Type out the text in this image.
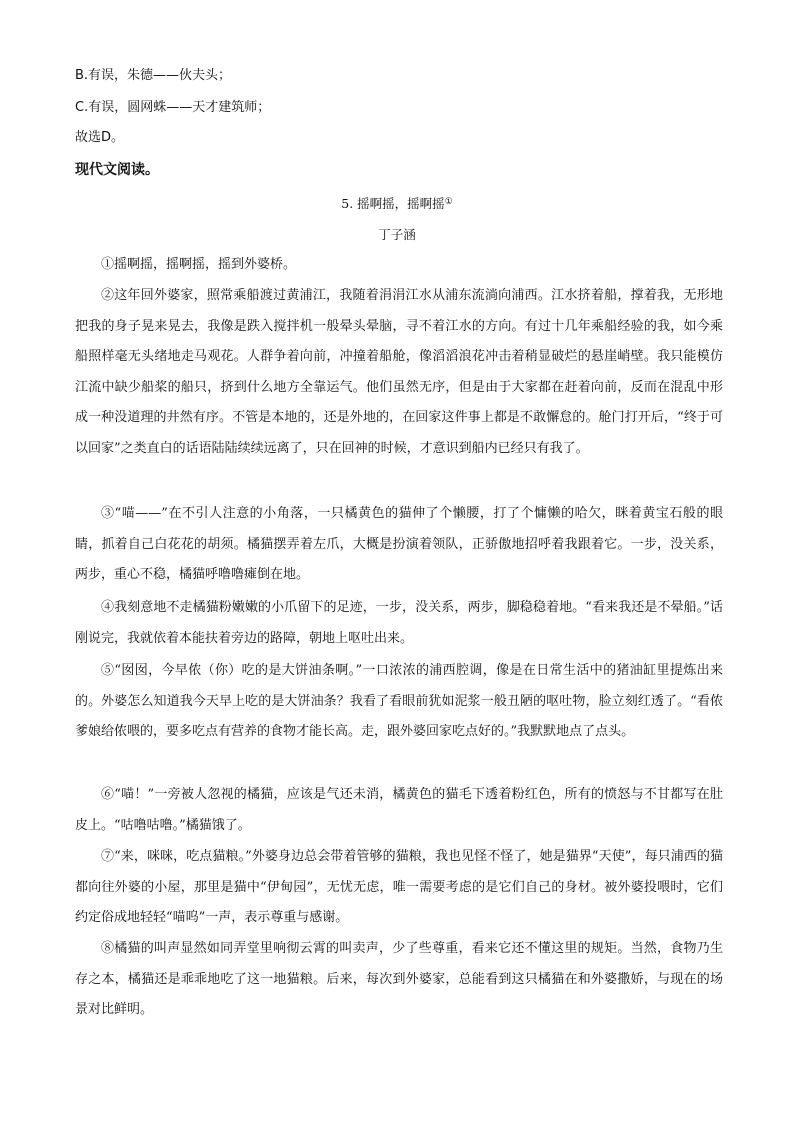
B.有误，朱德——伙夫头；
C.有误，圆网蛛——天才建筑师；
故选D。
现代文阅读。
5. 摇啊摇，摇啊摇①
丁子涵

①摇啊摇，摇啊摇，摇到外婆桥。

②这年回外婆家，照常乘船渡过黄浦江，我随着涓涓江水从浦东流淌向浦西。江水挤着船，撑着我，无形地把我的身子晃来晃去，我像是跌入搅拌机一般晕头晕脑，寻不着江水的方向。有过十几年乘船经验的我，如今乘船照样毫无头绪地走马观花。人群争着向前，冲撞着船舱，像滔滔浪花冲击着稍显破烂的悬崖峭壁。我只能模仿江流中缺少船桨的船只，挤到什么地方全靠运气。他们虽然无序，但是由于大家都在赶着向前，反而在混乱中形成一种没道理的井然有序。不管是本地的，还是外地的，在回家这件事上都是不敢懈怠的。舱门打开后，“终于可以回家”之类直白的话语陆陆续续远离了，只在回神的时候，才意识到船内已经只有我了。

③“喵——”在不引人注意的小角落，一只橘黄色的猫伸了个懒腰，打了个慵懒的哈欠，眯着黄宝石般的眼睛，抓着自己白花花的胡须。橘猫摆弄着左爪，大概是扮演着领队，正骄傲地招呼着我跟着它。一步，没关系，两步，重心不稳，橘猫呼噜噜瘫倒在地。

④我刻意地不走橘猫粉嫩嫩的小爪留下的足迹，一步，没关系，两步，脚稳稳着地。“看来我还是不晕船。”话刚说完，我就依着本能扶着旁边的路障，朝地上呕吐出来。

⑤“囡囡，今早侬（你）吃的是大饼油条啊。”一口浓浓的浦西腔调，像是在日常生活中的猪油缸里提炼出来的。外婆怎么知道我今天早上吃的是大饼油条？我看了看眼前犹如泥浆一般丑陋的呕吐物，脸立刻红透了。“看侬爹娘给侬喂的，要多吃点有营养的食物才能长高。走，跟外婆回家吃点好的。”我默默地点了点头。

⑥“喵！”一旁被人忽视的橘猫，应该是气还未消，橘黄色的猫毛下透着粉红色，所有的愤怒与不甘都写在肚皮上。“咕噜咕噜。”橘猫饿了。

⑦“来，咪咪，吃点猫粮。”外婆身边总会带着管够的猫粮，我也见怪不怪了，她是猫界“天使”，每只浦西的猫都向往外婆的小屋，那里是猫中“伊甸园”，无忧无虑，唯一需要考虑的是它们自己的身材。被外婆投喂时，它们约定俗成地轻轻“喵呜”一声，表示尊重与感谢。

⑧橘猫的叫声显然如同弄堂里响彻云霄的叫卖声，少了些尊重，看来它还不懂这里的规矩。当然，食物乃生存之本，橘猫还是乖乖地吃了这一地猫粮。后来，每次到外婆家，总能看到这只橘猫在和外婆撒娇，与现在的场景对比鲜明。
